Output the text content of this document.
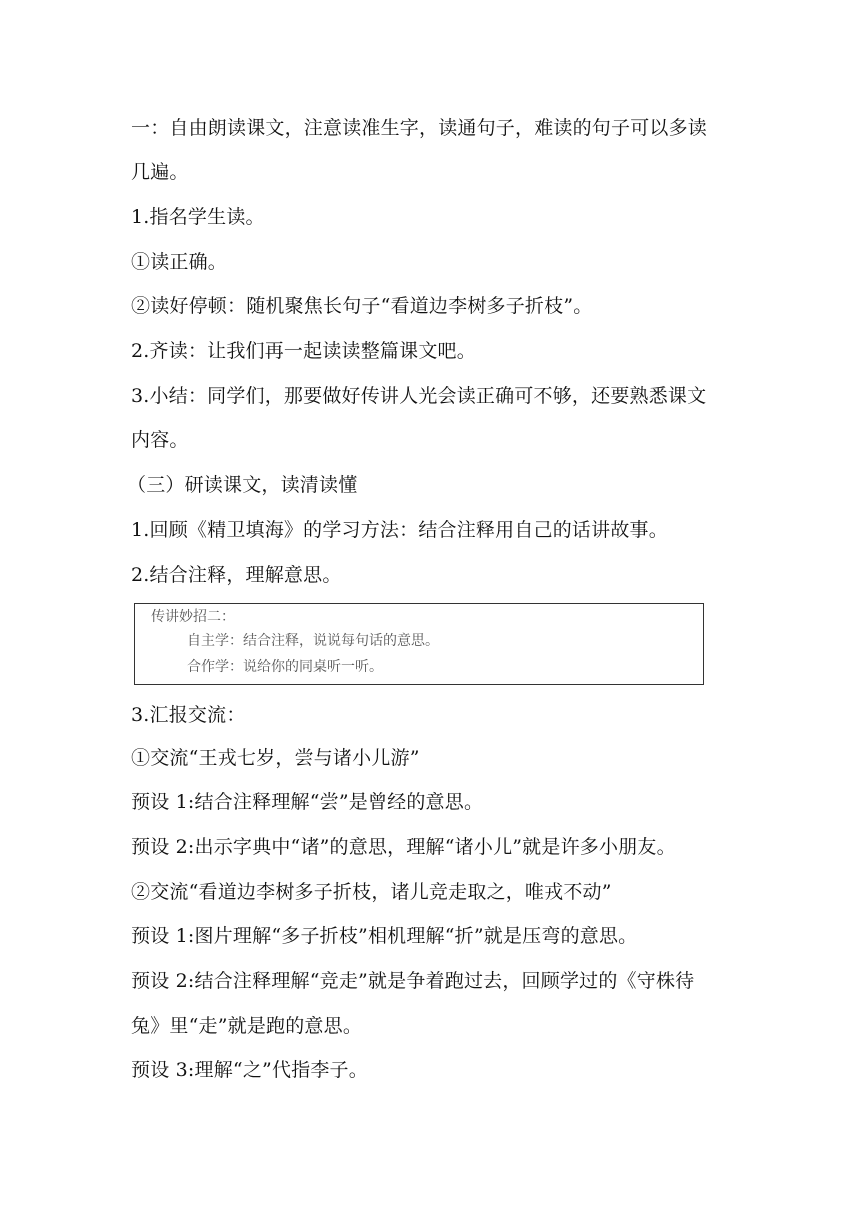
一：自由朗读课文，注意读准生字，读通句子，难读的句子可以多读
几遍。
1.指名学生读。
①读正确。
②读好停顿：随机聚焦长句子“看道边李树多子折枝”。
2.齐读：让我们再一起读读整篇课文吧。
3.小结：同学们，那要做好传讲人光会读正确可不够，还要熟悉课文
内容。
（三）研读课文，读清读懂
1.回顾《精卫填海》的学习方法：结合注释用自己的话讲故事。
2.结合注释，理解意思。
传讲妙招二：
自主学：结合注释，说说每句话的意思。
合作学：说给你的同桌听一听。
3.汇报交流：
①交流“王戎七岁，尝与诸小儿游”
预设 1:结合注释理解“尝”是曾经的意思。
预设 2:出示字典中“诸”的意思，理解“诸小儿”就是许多小朋友。
②交流“看道边李树多子折枝，诸儿竞走取之，唯戎不动”
预设 1:图片理解“多子折枝”相机理解“折”就是压弯的意思。
预设 2:结合注释理解“竞走”就是争着跑过去，回顾学过的《守株待
兔》里“走”就是跑的意思。
预设 3:理解“之”代指李子。
